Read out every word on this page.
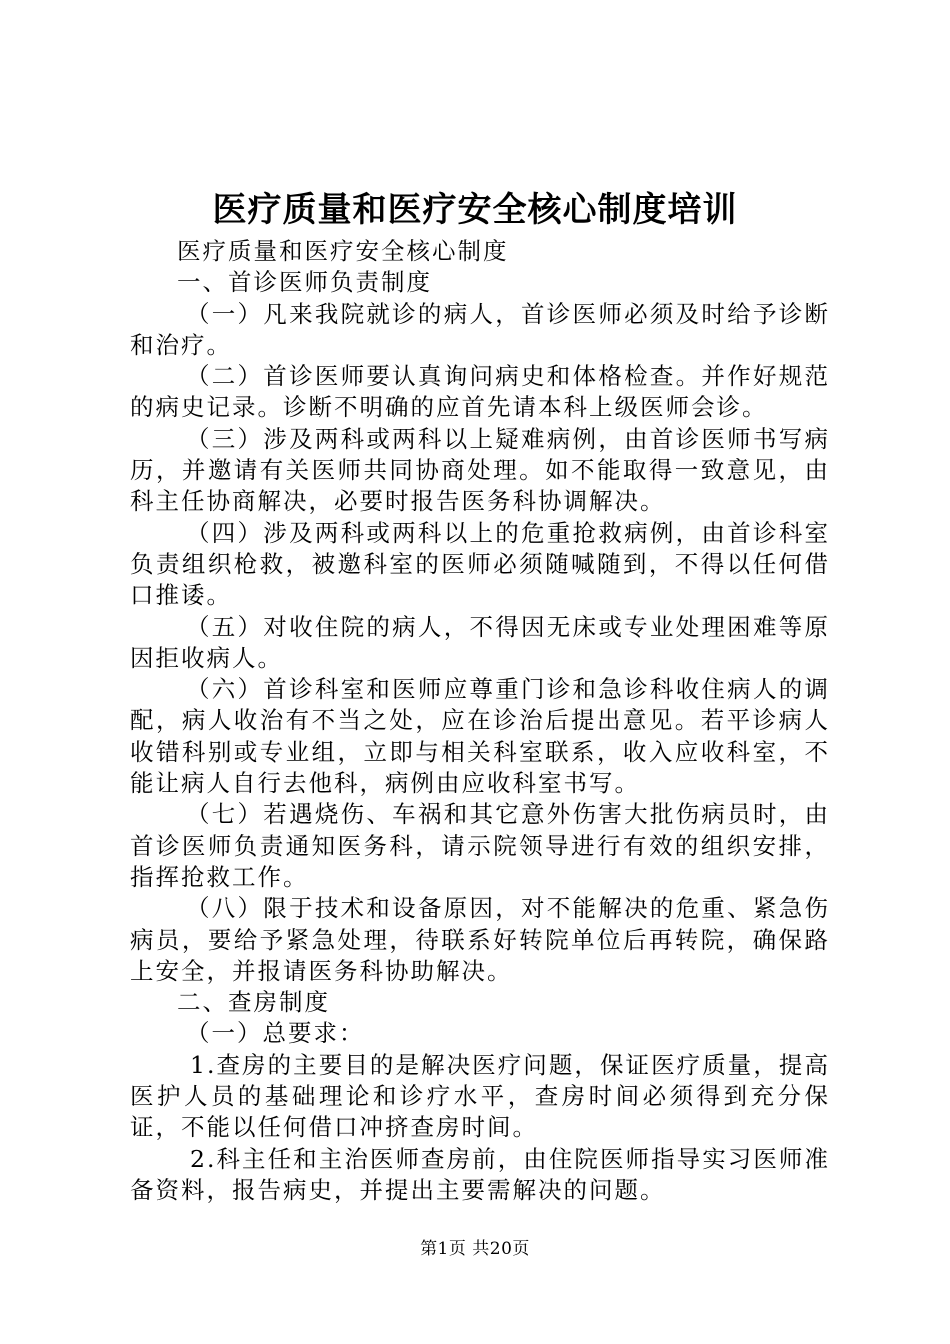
医疗质量和医疗安全核心制度培训

医疗质量和医疗安全核心制度

一、首诊医师负责制度

（一）凡来我院就诊的病人，首诊医师必须及时给予诊断和治疗。

（二）首诊医师要认真询问病史和体格检查。并作好规范的病史记录。诊断不明确的应首先请本科上级医师会诊。

（三）涉及两科或两科以上疑难病例，由首诊医师书写病历，并邀请有关医师共同协商处理。如不能取得一致意见，由科主任协商解决，必要时报告医务科协调解决。

（四）涉及两科或两科以上的危重抢救病例，由首诊科室负责组织枪救，被邀科室的医师必须随喊随到，不得以任何借口推诿。

（五）对收住院的病人，不得因无床或专业处理困难等原因拒收病人。

（六）首诊科室和医师应尊重门诊和急诊科收住病人的调配，病人收治有不当之处，应在诊治后提出意见。若平诊病人收错科别或专业组，立即与相关科室联系，收入应收科室，不能让病人自行去他科，病例由应收科室书写。

（七）若遇烧伤、车祸和其它意外伤害大批伤病员时，由首诊医师负责通知医务科，请示院领导进行有效的组织安排，指挥抢救工作。

（八）限于技术和设备原因，对不能解决的危重、紧急伤病员，要给予紧急处理，待联系好转院单位后再转院，确保路上安全，并报请医务科协助解决。

二、查房制度

（一）总要求：

1.查房的主要目的是解决医疗问题，保证医疗质量，提高医护人员的基础理论和诊疗水平，查房时间必须得到充分保证，不能以任何借口冲挤查房时间。

2.科主任和主治医师查房前，由住院医师指导实习医师准备资料，报告病史，并提出主要需解决的问题。

第1页 共20页
